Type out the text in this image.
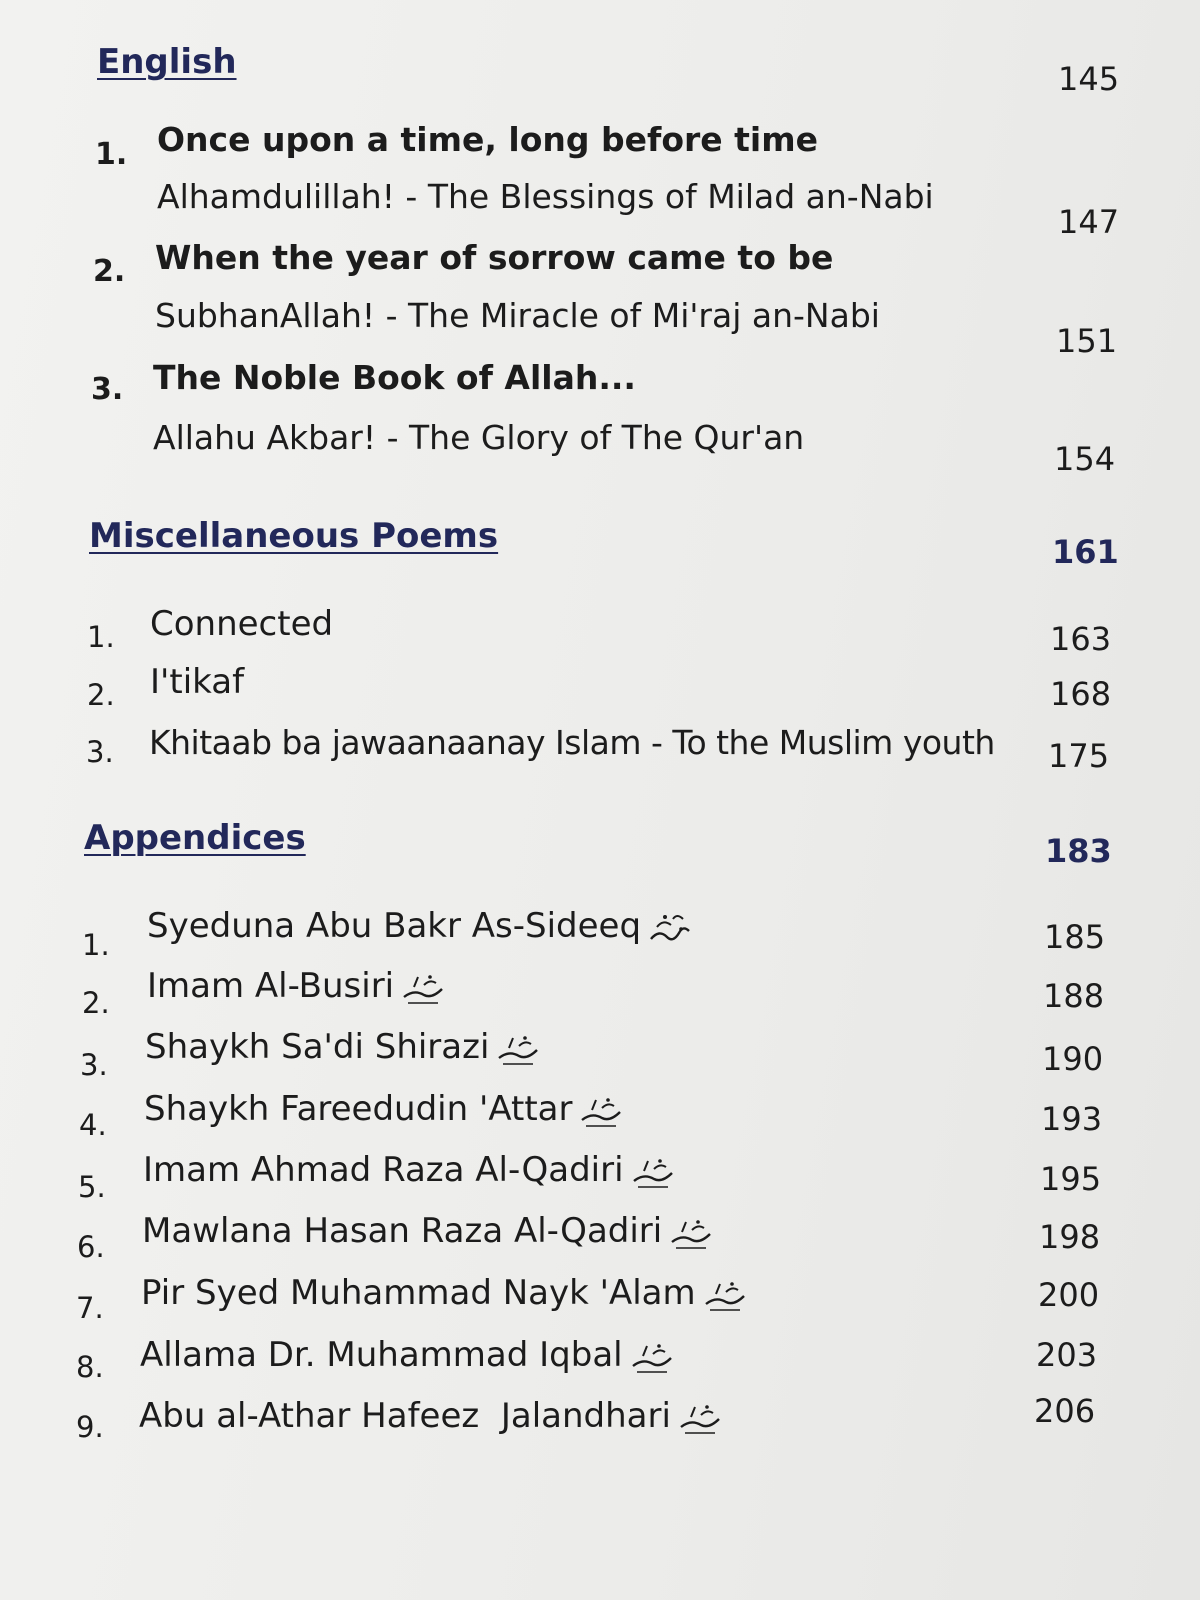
English	145
1. Once upon a time, long before time
Alhamdulillah! - The Blessings of Milad an-Nabi
147
2. When the year of sorrow came to be
SubhanAllah! - The Miracle of Mi'raj an-Nabi
151
3. The Noble Book of Allah...
Allahu Akbar! - The Glory of The Qur'an
154
Miscellaneous Poems	161
1. Connected	163
2. I'tikaf	168
3. Khitaab ba jawaanaanay Islam - To the Muslim youth 175
Appendices	183
1. Syeduna Abu Bakr As-Sideeq	185
2. Imam Al-Busiri	188
3. Shaykh Sa'di Shirazi	190
4. Shaykh Fareedudin 'Attar	193
5. Imam Ahmad Raza Al-Qadiri	195
6. Mawlana Hasan Raza Al-Qadiri	198
7. Pir Syed Muhammad Nayk 'Alam	200
8. Allama Dr. Muhammad Iqbal	203
9. Abu al-Athar Hafeez  Jalandhari	206
